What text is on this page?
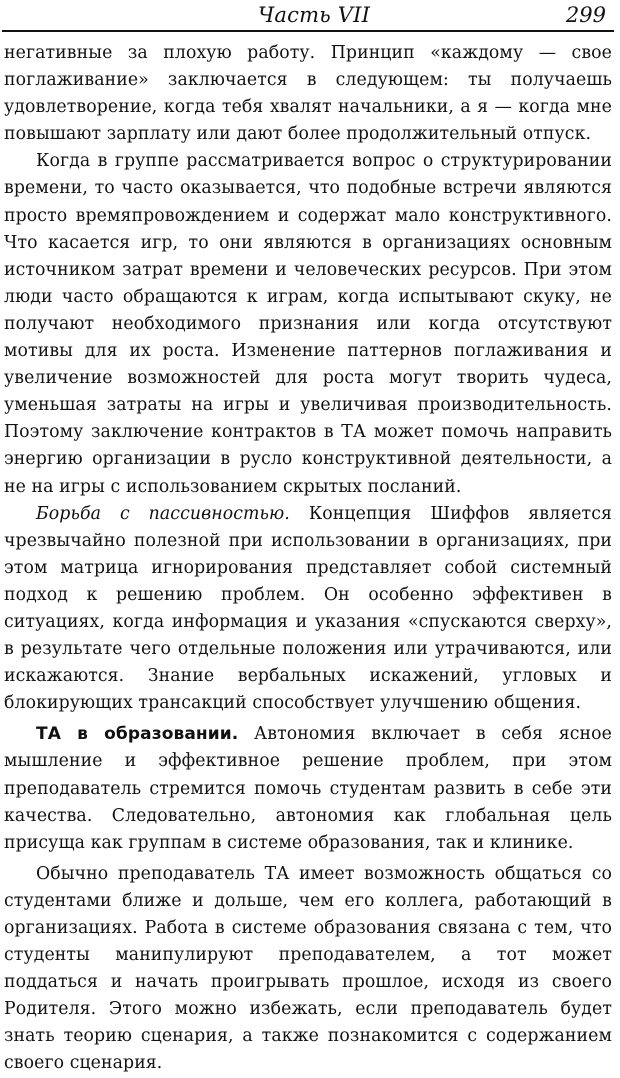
Часть VII	299

негативные за плохую работу. Принцип «каждому — свое поглаживание» заключается в следующем: ты получаешь удовлетворение, когда тебя хвалят начальники, а я — когда мне повышают зарплату или дают более продолжительный отпуск.

Когда в группе рассматривается вопрос о структурировании времени, то часто оказывается, что подобные встречи являются просто времяпровождением и содержат мало конструктивного. Что касается игр, то они являются в организациях основным источником затрат времени и человеческих ресурсов. При этом люди часто обращаются к играм, когда испытывают скуку, не получают необходимого признания или когда отсутствуют мотивы для их роста. Изменение паттернов поглаживания и увеличение возможностей для роста могут творить чудеса, уменьшая затраты на игры и увеличивая производительность. Поэтому заключение контрактов в ТА может помочь направить энергию организации в русло конструктивной деятельности, а не на игры с использованием скрытых посланий.

Борьба с пассивностью. Концепция Шиффов является чрезвычайно полезной при использовании в организациях, при этом матрица игнорирования представляет собой системный подход к решению проблем. Он особенно эффективен в ситуациях, когда информация и указания «спускаются сверху», в результате чего отдельные положения или утрачиваются, или искажаются. Знание вербальных искажений, угловых и блокирующих трансакций способствует улучшению общения.

ТА в образовании. Автономия включает в себя ясное мышление и эффективное решение проблем, при этом преподаватель стремится помочь студентам развить в себе эти качества. Следовательно, автономия как глобальная цель присуща как группам в системе образования, так и клинике.

Обычно преподаватель ТА имеет возможность общаться со студентами ближе и дольше, чем его коллега, работающий в организациях. Работа в системе образования связана с тем, что студенты манипулируют преподавателем, а тот может поддаться и начать проигрывать прошлое, исходя из своего Родителя. Этого можно избежать, если преподаватель будет знать теорию сценария, а также познакомится с содержанием своего сценария.
